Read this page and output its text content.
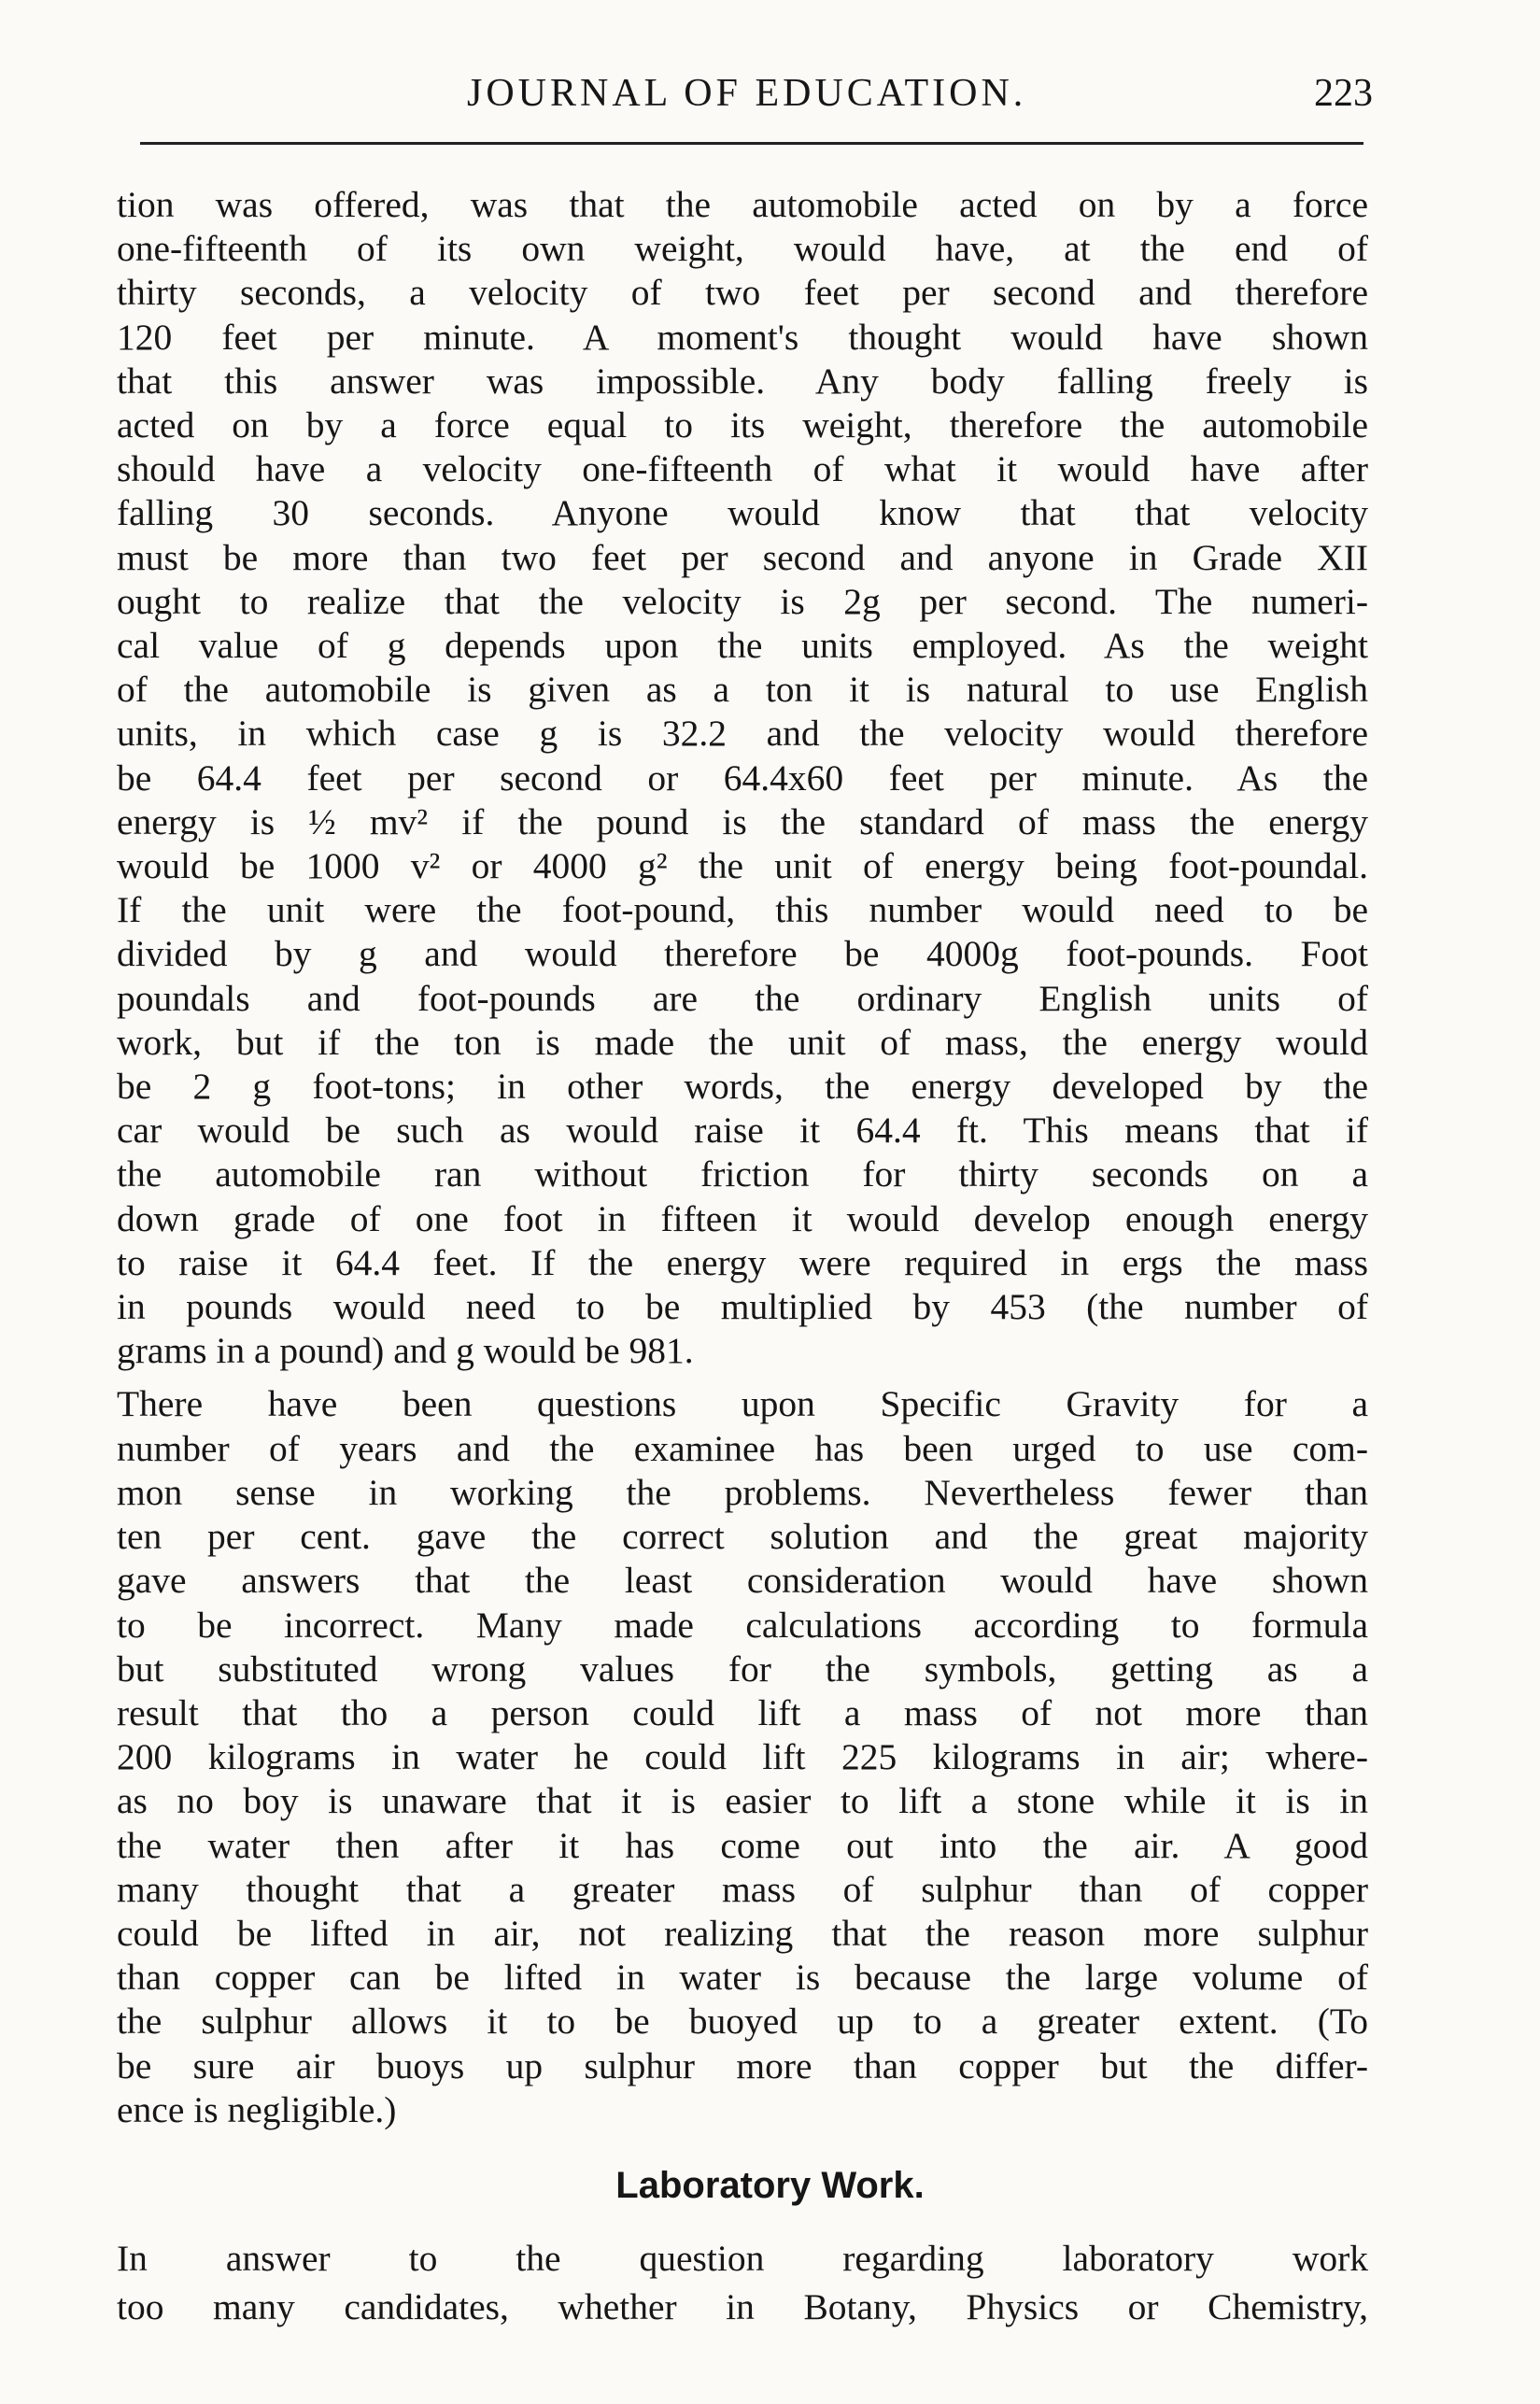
JOURNAL OF EDUCATION.	223
tion was offered, was that the automobile acted on by a force
one-fifteenth of its own weight, would have, at the end of
thirty seconds, a velocity of two feet per second and therefore
120 feet per minute. A moment's thought would have shown
that this answer was impossible. Any body falling freely is
acted on by a force equal to its weight, therefore the automobile
should have a velocity one-fifteenth of what it would have after
falling 30 seconds. Anyone would know that that velocity
must be more than two feet per second and anyone in Grade XII
ought to realize that the velocity is 2g per second. The numeri-
cal value of g depends upon the units employed. As the weight
of the automobile is given as a ton it is natural to use English
units, in which case g is 32.2 and the velocity would therefore
be 64.4 feet per second or 64.4x60 feet per minute. As the
energy is ½ mv² if the pound is the standard of mass the energy
would be 1000 v² or 4000 g² the unit of energy being foot-poundal.
If the unit were the foot-pound, this number would need to be
divided by g and would therefore be 4000g foot-pounds. Foot
poundals and foot-pounds are the ordinary English units of
work, but if the ton is made the unit of mass, the energy would
be 2 g foot-tons; in other words, the energy developed by the
car would be such as would raise it 64.4 ft. This means that if
the automobile ran without friction for thirty seconds on a
down grade of one foot in fifteen it would develop enough energy
to raise it 64.4 feet. If the energy were required in ergs the mass
in pounds would need to be multiplied by 453 (the number of
grams in a pound) and g would be 981.
There have been questions upon Specific Gravity for a
number of years and the examinee has been urged to use com-
mon sense in working the problems. Nevertheless fewer than
ten per cent. gave the correct solution and the great majority
gave answers that the least consideration would have shown
to be incorrect. Many made calculations according to formula
but substituted wrong values for the symbols, getting as a
result that tho a person could lift a mass of not more than
200 kilograms in water he could lift 225 kilograms in air; where-
as no boy is unaware that it is easier to lift a stone while it is in
the water then after it has come out into the air. A good
many thought that a greater mass of sulphur than of copper
could be lifted in air, not realizing that the reason more sulphur
than copper can be lifted in water is because the large volume of
the sulphur allows it to be buoyed up to a greater extent. (To
be sure air buoys up sulphur more than copper but the differ-
ence is negligible.)
Laboratory Work.
In answer to the question regarding laboratory work
too many candidates, whether in Botany, Physics or Chemistry,
